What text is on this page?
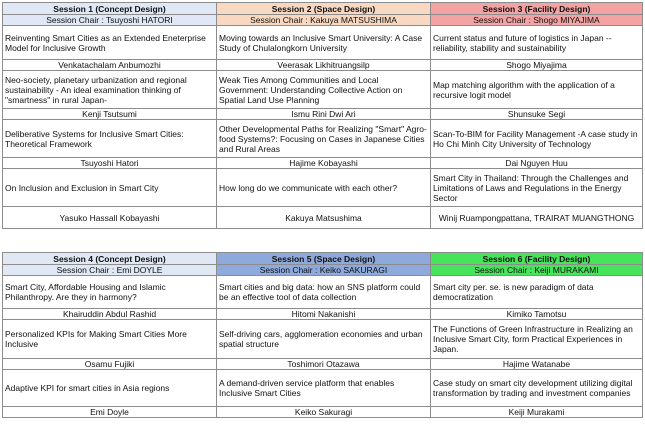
Session 1 (Concept Design)	Session 2 (Space Design)	Session 3 (Facility Design)
Session Chair : Tsuyoshi HATORI	Session Chair : Kakuya MATSUSHIMA	Session Chair : Shogo MIYAJIMA
Reinventing Smart Cities as an Extended Eneterprise Model for Inclusive Growth	Moving towards an Inclusive Smart University: A Case Study of Chulalongkorn University	Current status and future of logistics in Japan -- reliability, stability and sustainability
Venkatachalam Anbumozhi	Veerasak Likhitruangsilp	Shogo Miyajima
Neo-society, planetary urbanization and regional sustainability - An ideal examination thinking of "smartness" in rural Japan-	Weak Ties Among Communities and Local Government: Understanding Collective Action on Spatial Land Use Planning	Map matching algorithm with the application of a recursive logit model
Kenji Tsutsumi	Ismu Rini Dwi Ari	Shunsuke Segi
Deliberative Systems for Inclusive Smart Cities: Theoretical Framework	Other Developmental Paths for Realizing "Smart" Agro-food Systems?: Focusing on Cases in Japanese Cities and Rural Areas	Scan-To-BIM for Facility Management -A case study in Ho Chi Minh City University of Technology
Tsuyoshi Hatori	Hajime Kobayashi	Dai Nguyen Huu
On Inclusion and Exclusion in Smart City	How long do we communicate with each other?	Smart City in Thailand: Through the Challenges and Limitations of Laws and Regulations in the Energy Sector
Yasuko Hassall Kobayashi	Kakuya Matsushima	Winij Ruampongpattana, TRAIRAT MUANGTHONG
Session 4 (Concept Design)	Session 5 (Space Design)	Session 6 (Facility Design)
Session Chair : Emi DOYLE	Session Chair : Keiko SAKURAGI	Session Chair : Keiji MURAKAMI
Smart City, Affordable Housing and Islamic Philanthropy. Are they in harmony?	Smart cities and big data: how an SNS platform could be an effective tool of data collection	Smart city per. se. is new paradigm of data democratization
Khairuddin Abdul Rashid	Hitomi Nakanishi	Kimiko Tamotsu
Personalized KPIs for Making Smart Cities More Inclusive	Self-driving cars, agglomeration economies and urban spatial structure	The Functions of Green Infrastructure in Realizing an Inclusive Smart City, form Practical Experiences in Japan.
Osamu Fujiki	Toshimori Otazawa	Hajime Watanabe
Adaptive KPI for smart cities in Asia regions	A demand-driven service platform that enables Inclusive Smart Cities	Case study on smart city development utilizing digital transformation by trading and investment companies
Emi Doyle	Keiko Sakuragi	Keiji Murakami
